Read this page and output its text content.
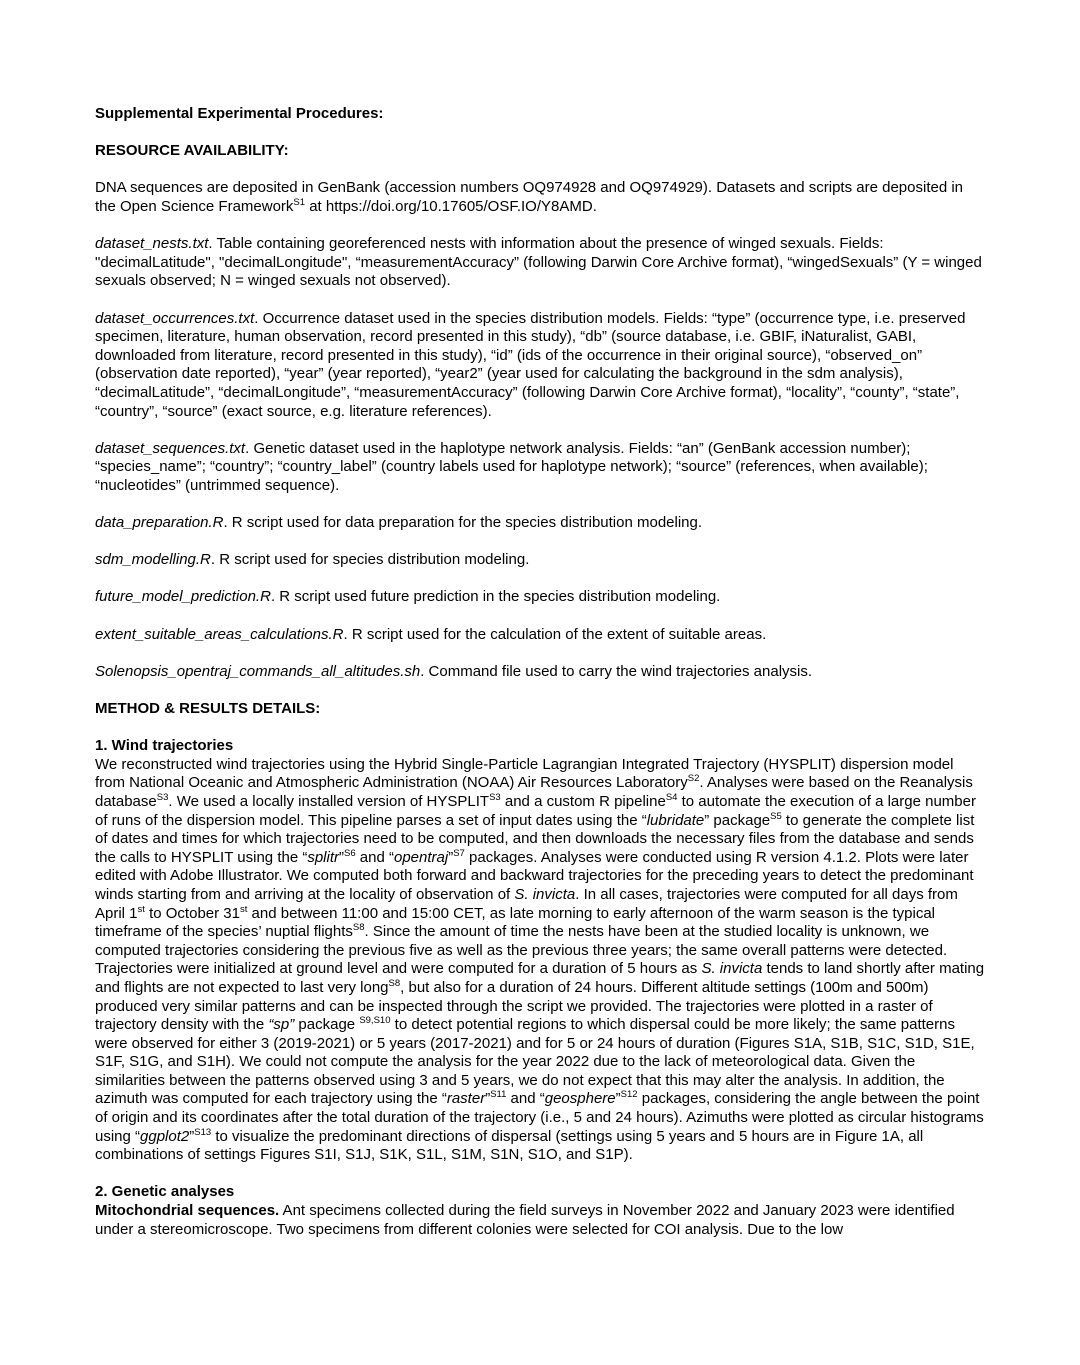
Supplemental Experimental Procedures:

RESOURCE AVAILABILITY:

DNA sequences are deposited in GenBank (accession numbers OQ974928 and OQ974929). Datasets and scripts are deposited in the Open Science Framework$^{S1}$ at https://doi.org/10.17605/OSF.IO/Y8AMD.

dataset_nests.txt. Table containing georeferenced nests with information about the presence of winged sexuals. Fields: "decimalLatitude", "decimalLongitude", “measurementAccuracy” (following Darwin Core Archive format), “wingedSexuals” (Y = winged sexuals observed; N = winged sexuals not observed).

dataset_occurrences.txt. Occurrence dataset used in the species distribution models. Fields: “type” (occurrence type, i.e. preserved specimen, literature, human observation, record presented in this study), “db” (source database, i.e. GBIF, iNaturalist, GABI, downloaded from literature, record presented in this study), “id” (ids of the occurrence in their original source), “observed_on” (observation date reported), “year” (year reported), “year2” (year used for calculating the background in the sdm analysis), “decimalLatitude”, “decimalLongitude”, “measurementAccuracy” (following Darwin Core Archive format), “locality”, “county”, “state”, “country”, “source” (exact source, e.g. literature references).

dataset_sequences.txt. Genetic dataset used in the haplotype network analysis. Fields: “an” (GenBank accession number); “species_name”; “country”; “country_label” (country labels used for haplotype network); “source” (references, when available); “nucleotides” (untrimmed sequence).

data_preparation.R. R script used for data preparation for the species distribution modeling.

sdm_modelling.R. R script used for species distribution modeling.

future_model_prediction.R. R script used future prediction in the species distribution modeling.

extent_suitable_areas_calculations.R. R script used for the calculation of the extent of suitable areas.

Solenopsis_opentraj_commands_all_altitudes.sh. Command file used to carry the wind trajectories analysis.

METHOD & RESULTS DETAILS:

1. Wind trajectories

We reconstructed wind trajectories using the Hybrid Single-Particle Lagrangian Integrated Trajectory (HYSPLIT) dispersion model from National Oceanic and Atmospheric Administration (NOAA) Air Resources Laboratory$^{S2}$. Analyses were based on the Reanalysis database$^{S3}$. We used a locally installed version of HYSPLIT$^{S3}$ and a custom R pipeline$^{S4}$ to automate the execution of a large number of runs of the dispersion model. This pipeline parses a set of input dates using the “lubridate” package$^{S5}$ to generate the complete list of dates and times for which trajectories need to be computed, and then downloads the necessary files from the database and sends the calls to HYSPLIT using the “splitr”$^{S6}$ and “opentraj”$^{S7}$ packages. Analyses were conducted using R version 4.1.2. Plots were later edited with Adobe Illustrator. We computed both forward and backward trajectories for the preceding years to detect the predominant winds starting from and arriving at the locality of observation of S. invicta. In all cases, trajectories were computed for all days from April 1st to October 31st and between 11:00 and 15:00 CET, as late morning to early afternoon of the warm season is the typical timeframe of the species’ nuptial flights$^{S8}$. Since the amount of time the nests have been at the studied locality is unknown, we computed trajectories considering the previous five as well as the previous three years; the same overall patterns were detected. Trajectories were initialized at ground level and were computed for a duration of 5 hours as S. invicta tends to land shortly after mating and flights are not expected to last very long$^{S8}$, but also for a duration of 24 hours. Different altitude settings (100m and 500m) produced very similar patterns and can be inspected through the script we provided. The trajectories were plotted in a raster of trajectory density with the “sp” package $^{S9,S10}$ to detect potential regions to which dispersal could be more likely; the same patterns were observed for either 3 (2019-2021) or 5 years (2017-2021) and for 5 or 24 hours of duration (Figures S1A, S1B, S1C, S1D, S1E, S1F, S1G, and S1H). We could not compute the analysis for the year 2022 due to the lack of meteorological data. Given the similarities between the patterns observed using 3 and 5 years, we do not expect that this may alter the analysis. In addition, the azimuth was computed for each trajectory using the “raster”$^{S11}$ and “geosphere”$^{S12}$ packages, considering the angle between the point of origin and its coordinates after the total duration of the trajectory (i.e., 5 and 24 hours). Azimuths were plotted as circular histograms using “ggplot2”$^{S13}$ to visualize the predominant directions of dispersal (settings using 5 years and 5 hours are in Figure 1A, all combinations of settings Figures S1I, S1J, S1K, S1L, S1M, S1N, S1O, and S1P).

2. Genetic analyses

Mitochondrial sequences. Ant specimens collected during the field surveys in November 2022 and January 2023 were identified under a stereomicroscope. Two specimens from different colonies were selected for COI analysis. Due to the low
